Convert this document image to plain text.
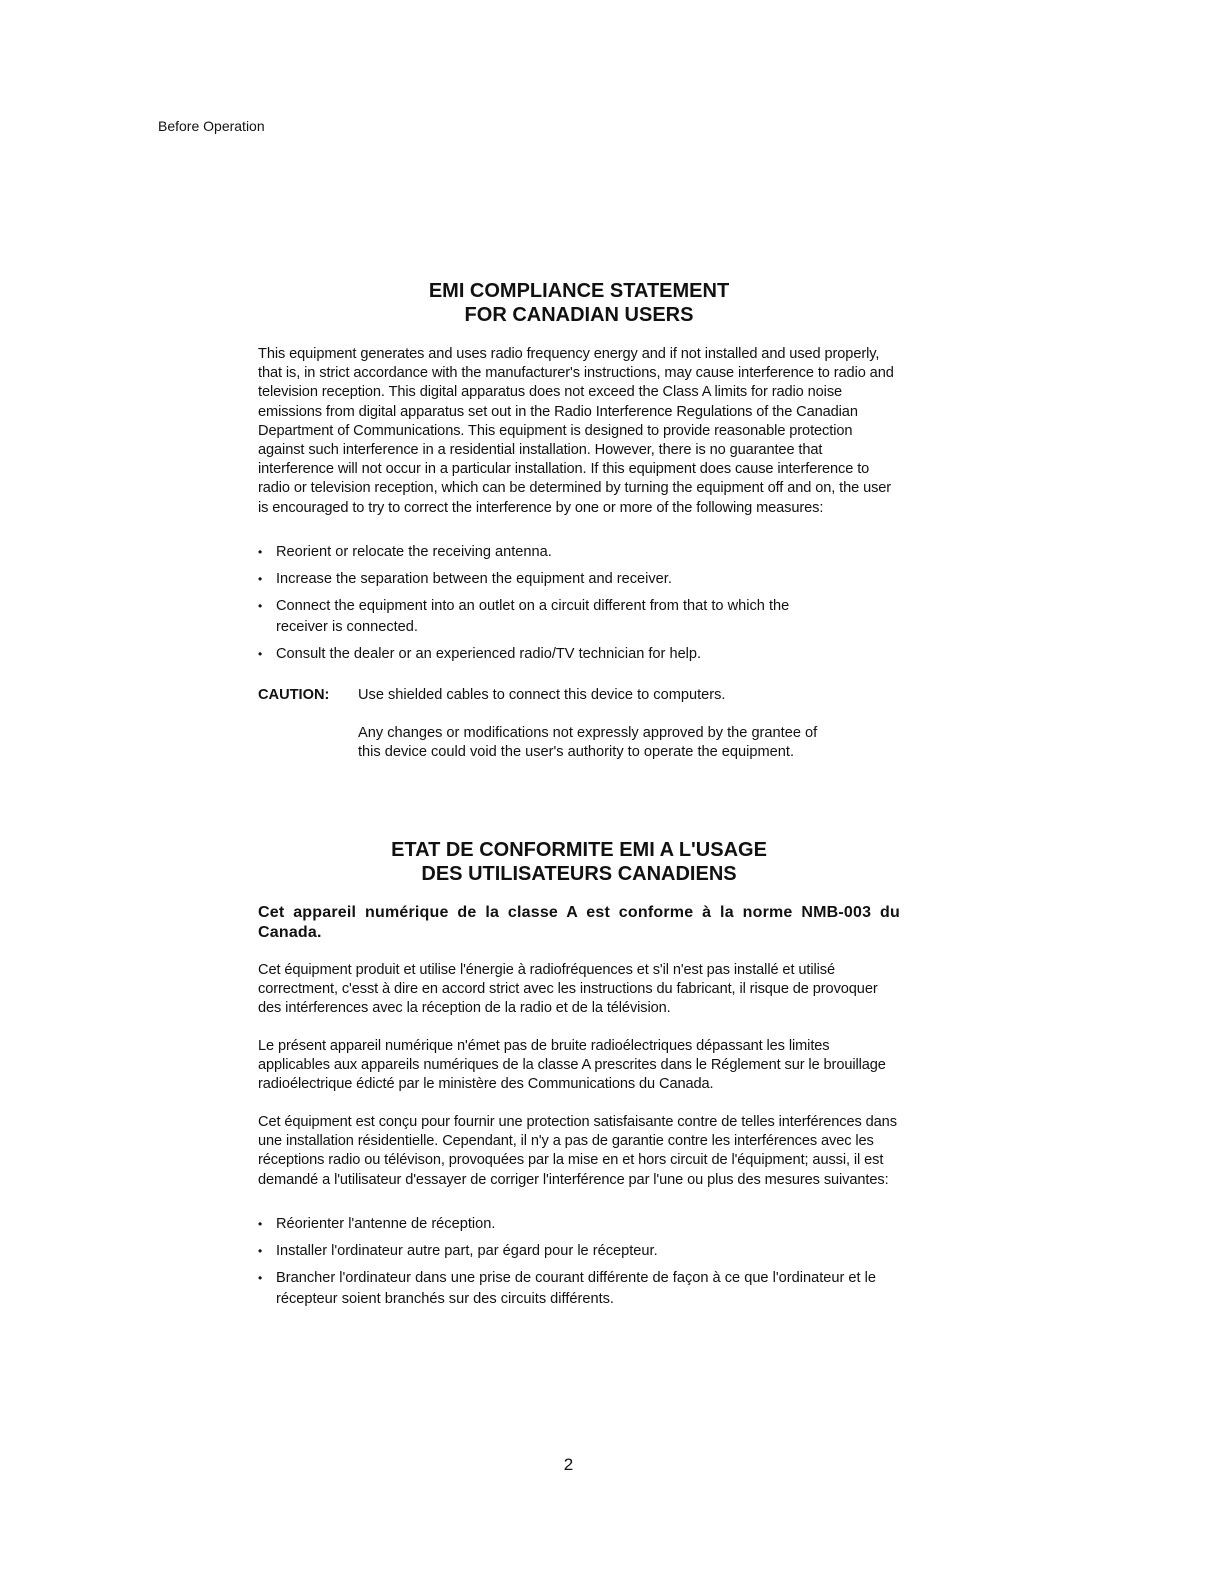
Before Operation

EMI COMPLIANCE STATEMENT

FOR CANADIAN USERS

This equipment generates and uses radio frequency energy and if not installed and used properly, that is, in strict accordance with the manufacturer's instructions, may cause interference to radio and television reception. This digital apparatus does not exceed the Class A limits for radio noise emissions from digital apparatus set out in the Radio Interference Regulations of the Canadian Department of Communications. This equipment is designed to provide reasonable protection against such interference in a residential installation. However, there is no guarantee that interference will not occur in a particular installation. If this equipment does cause interference to radio or television reception, which can be determined by turning the equipment off and on, the user is encouraged to try to correct the interference by one or more of the following measures:

• Reorient or relocate the receiving antenna.
• Increase the separation between the equipment and receiver.
• Connect the equipment into an outlet on a circuit different from that to which the receiver is connected.
• Consult the dealer or an experienced radio/TV technician for help.
CAUTION:	Use shielded cables to connect this device to computers.

Any changes or modifications not expressly approved by the grantee of this device could void the user's authority to operate the equipment.

ETAT DE CONFORMITE EMI A L'USAGE

DES UTILISATEURS CANADIENS

Cet appareil numérique de la classe A est conforme à la norme NMB-003 du Canada.

Cet équipment produit et utilise l'énergie à radiofréquences et s'il n'est pas installé et utilisé correctment, c'esst à dire en accord strict avec les instructions du fabricant, il risque de provoquer des intérferences avec la réception de la radio et de la télévision.

Le présent appareil numérique n'émet pas de bruite radioélectriques dépassant les limites applicables aux appareils numériques de la classe A prescrites dans le Réglement sur le brouillage radioélectrique édicté par le ministère des Communications du Canada.

Cet équipment est conçu pour fournir une protection satisfaisante contre de telles interférences dans une installation résidentielle. Cependant, il n'y a pas de garantie contre les interférences avec les réceptions radio ou télévison, provoquées par la mise en et hors circuit de l'équipment; aussi, il est demandé a l'utilisateur d'essayer de corriger l'interférence par l'une ou plus des mesures suivantes:

• Réorienter l'antenne de réception.
• Installer l'ordinateur autre part, par égard pour le récepteur.
• Brancher l'ordinateur dans une prise de courant différente de façon à ce que l'ordinateur et le récepteur soient branchés sur des circuits différents.
2
